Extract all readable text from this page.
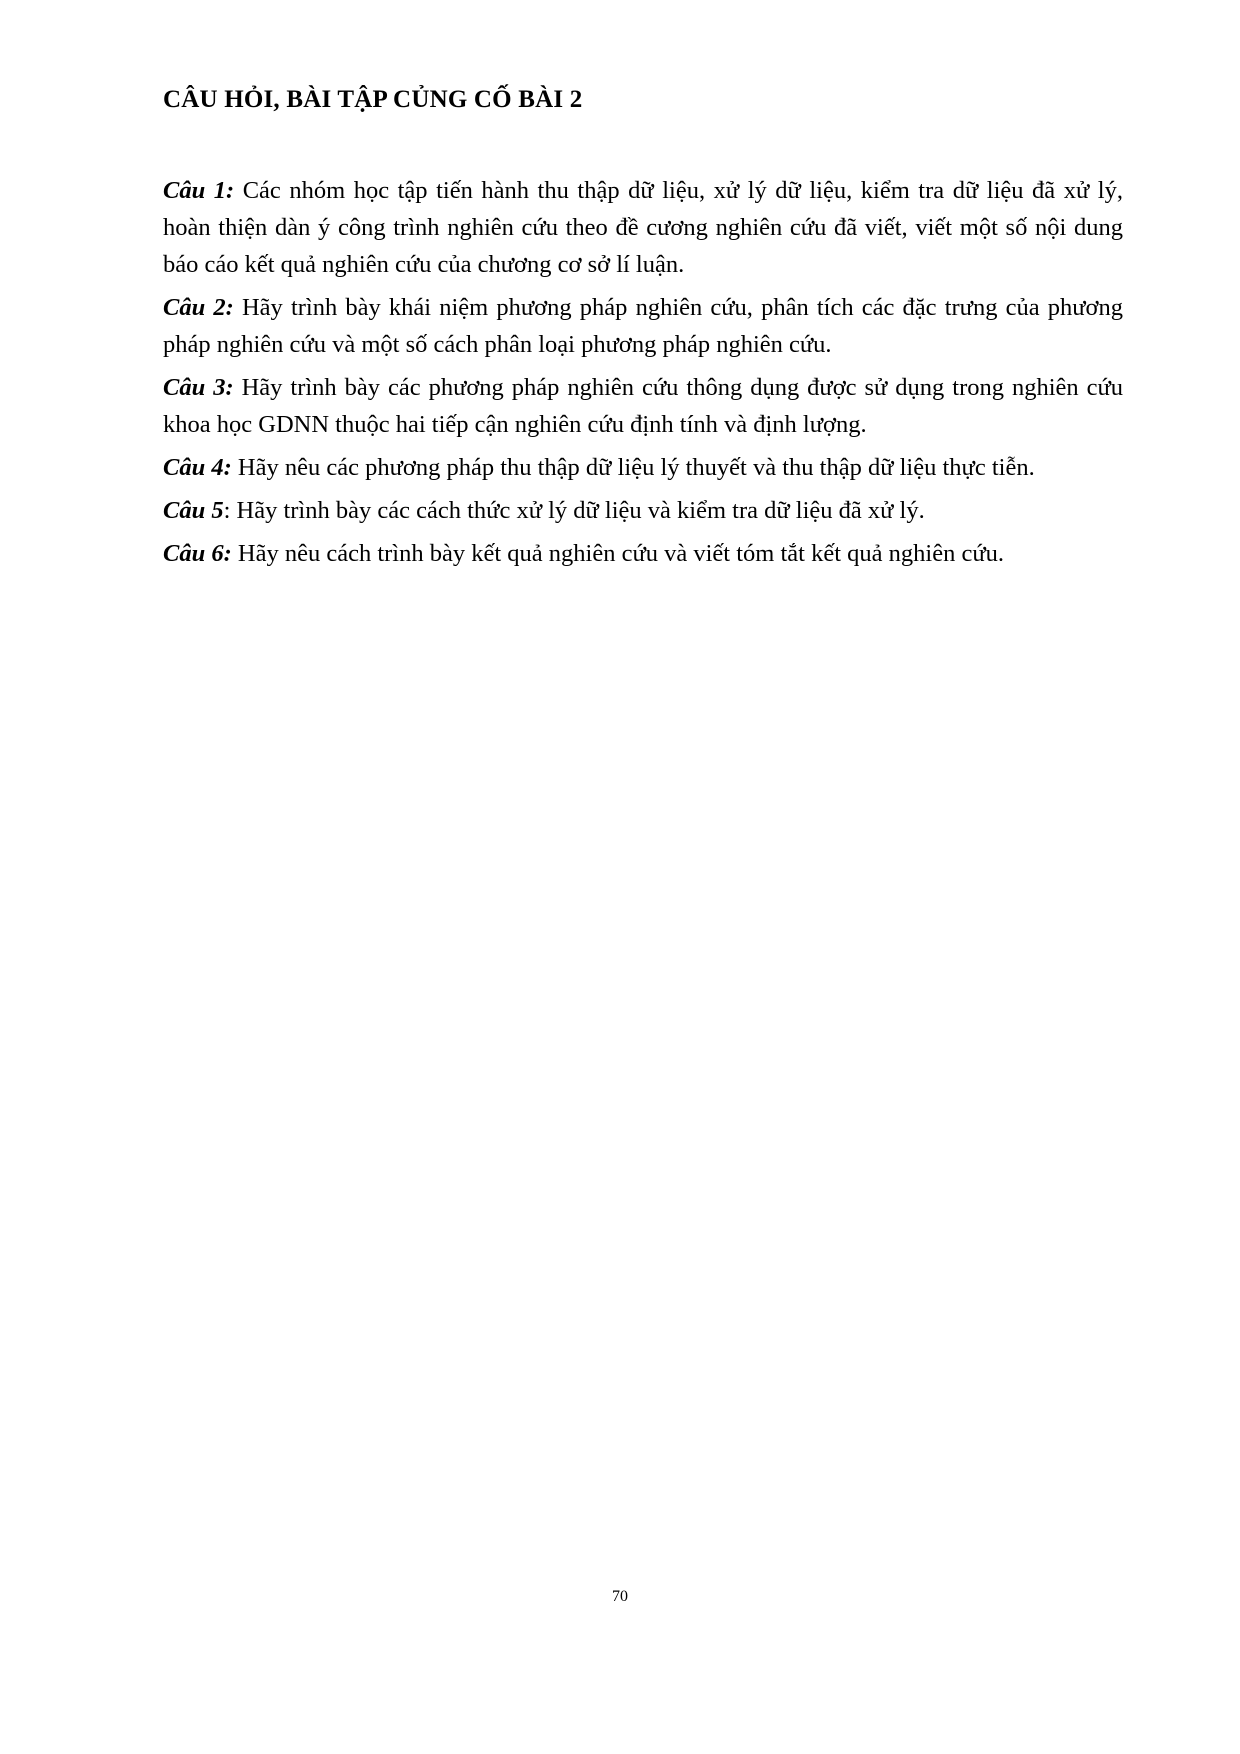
CÂU HỎI, BÀI TẬP CỦNG CỐ BÀI 2
Câu 1: Các nhóm học tập tiến hành thu thập dữ liệu, xử lý dữ liệu, kiểm tra dữ liệu đã xử lý, hoàn thiện dàn ý công trình nghiên cứu theo đề cương nghiên cứu đã viết, viết một số nội dung báo cáo kết quả nghiên cứu của chương cơ sở lí luận.
Câu 2: Hãy trình bày khái niệm phương pháp nghiên cứu, phân tích các đặc trưng của phương pháp nghiên cứu và một số cách phân loại phương pháp nghiên cứu.
Câu 3: Hãy trình bày các phương pháp nghiên cứu thông dụng được sử dụng trong nghiên cứu khoa học GDNN thuộc hai tiếp cận nghiên cứu định tính và định lượng.
Câu 4: Hãy nêu các phương pháp thu thập dữ liệu lý thuyết và thu thập dữ liệu thực tiễn.
Câu 5: Hãy trình bày các cách thức xử lý dữ liệu và kiểm tra dữ liệu đã xử lý.
Câu 6: Hãy nêu cách trình bày kết quả nghiên cứu và viết tóm tắt kết quả nghiên cứu.
70
